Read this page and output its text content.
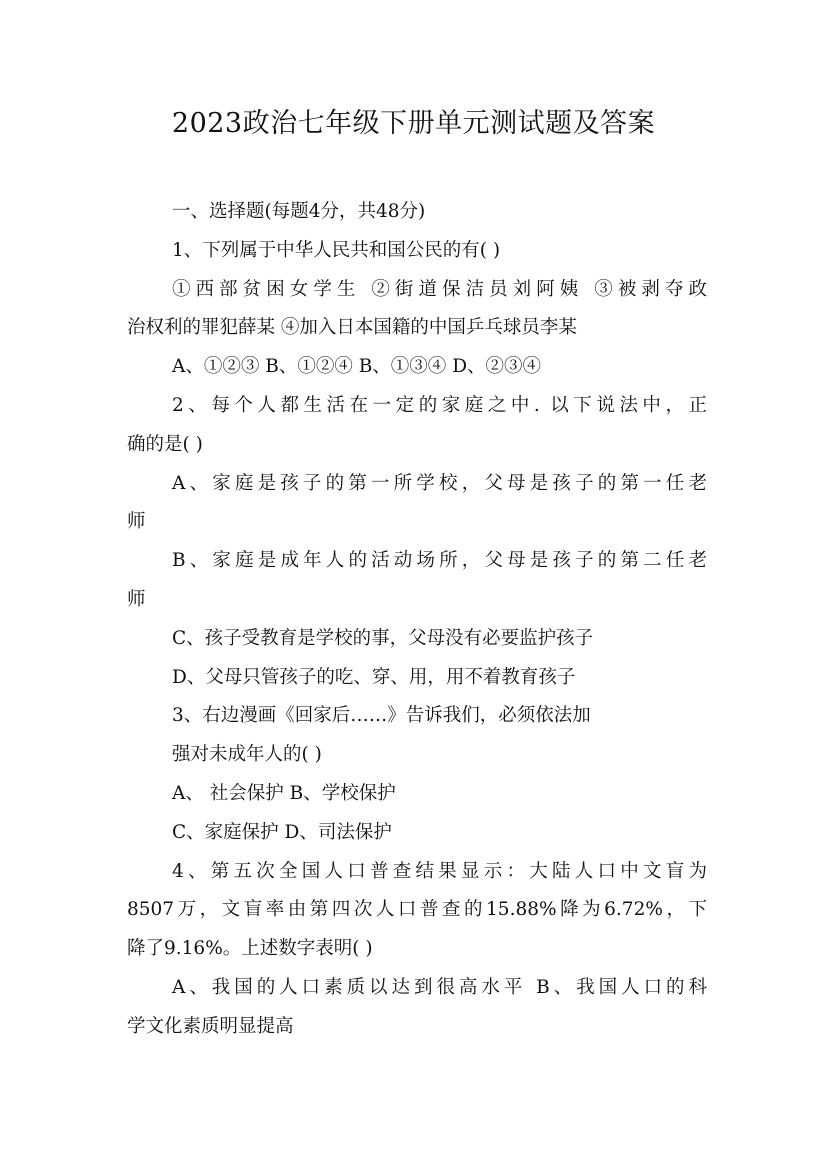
2023政治七年级下册单元测试题及答案
一、选择题(每题4分，共48分)
1、下列属于中华人民共和国公民的有( )
①西部贫困女学生 ②街道保洁员刘阿姨 ③被剥夺政
治权利的罪犯薛某 ④加入日本国籍的中国乒乓球员李某
A、①②③ B、①②④ B、①③④ D、②③④
2、每个人都生活在一定的家庭之中. 以下说法中，正
确的是( )
A、家庭是孩子的第一所学校，父母是孩子的第一任老
师
B、家庭是成年人的活动场所，父母是孩子的第二任老
师
C、孩子受教育是学校的事，父母没有必要监护孩子
D、父母只管孩子的吃、穿、用，用不着教育孩子
3、右边漫画《回家后……》告诉我们，必须依法加
强对未成年人的( )
A、 社会保护 B、学校保护
C、家庭保护 D、司法保护
4、第五次全国人口普查结果显示：大陆人口中文盲为
8507万，文盲率由第四次人口普查的15.88%降为6.72%，下
降了9.16%。上述数字表明( )
A、我国的人口素质以达到很高水平 B、我国人口的科
学文化素质明显提高
